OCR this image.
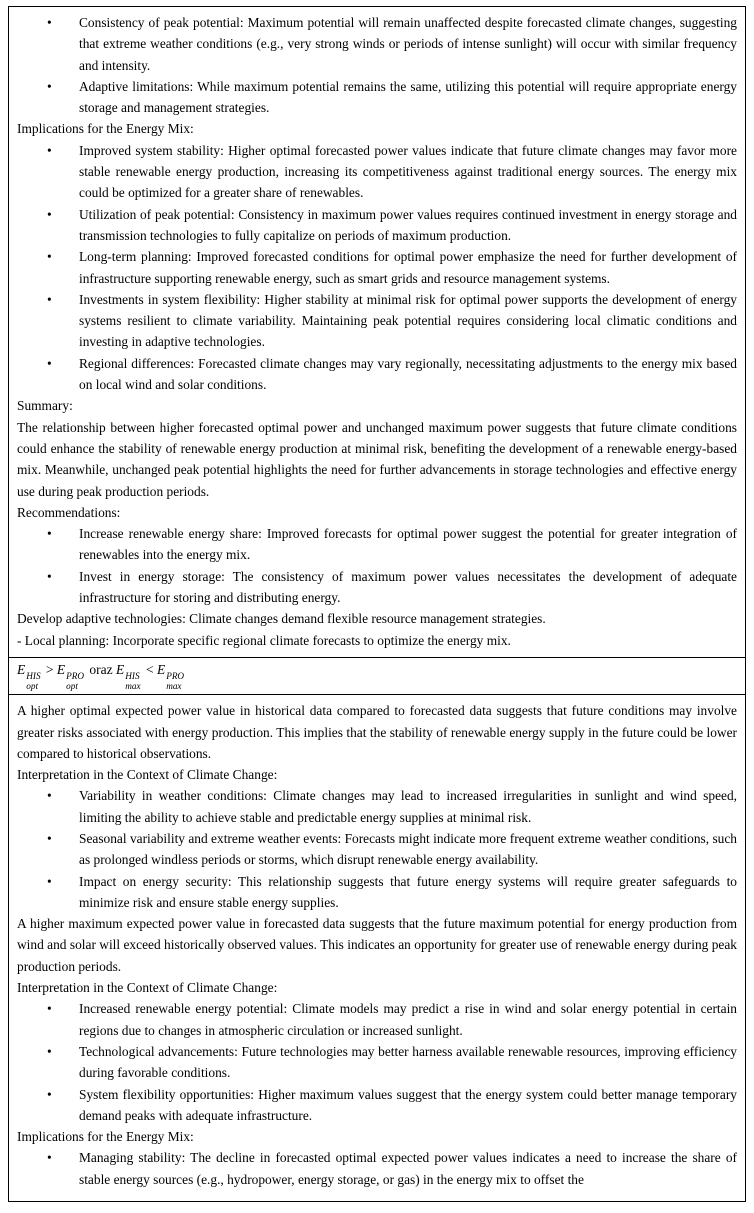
• Consistency of peak potential: Maximum potential will remain unaffected despite forecasted climate changes, suggesting that extreme weather conditions (e.g., very strong winds or periods of intense sunlight) will occur with similar frequency and intensity.
• Adaptive limitations: While maximum potential remains the same, utilizing this potential will require appropriate energy storage and management strategies.
Implications for the Energy Mix:
• Improved system stability: Higher optimal forecasted power values indicate that future climate changes may favor more stable renewable energy production, increasing its competitiveness against traditional energy sources. The energy mix could be optimized for a greater share of renewables.
• Utilization of peak potential: Consistency in maximum power values requires continued investment in energy storage and transmission technologies to fully capitalize on periods of maximum production.
• Long-term planning: Improved forecasted conditions for optimal power emphasize the need for further development of infrastructure supporting renewable energy, such as smart grids and resource management systems.
• Investments in system flexibility: Higher stability at minimal risk for optimal power supports the development of energy systems resilient to climate variability. Maintaining peak potential requires considering local climatic conditions and investing in adaptive technologies.
• Regional differences: Forecasted climate changes may vary regionally, necessitating adjustments to the energy mix based on local wind and solar conditions.
Summary:
The relationship between higher forecasted optimal power and unchanged maximum power suggests that future climate conditions could enhance the stability of renewable energy production at minimal risk, benefiting the development of a renewable energy-based mix. Meanwhile, unchanged peak potential highlights the need for further advancements in storage technologies and effective energy use during peak production periods.
Recommendations:
• Increase renewable energy share: Improved forecasts for optimal power suggest the potential for greater integration of renewables into the energy mix.
• Invest in energy storage: The consistency of maximum power values necessitates the development of adequate infrastructure for storing and distributing energy.
Develop adaptive technologies: Climate changes demand flexible resource management strategies.
- Local planning: Incorporate specific regional climate forecasts to optimize the energy mix.
E HIS
opt
> E PRO
opt
oraz E HIS
max
< E PRO
max
A higher optimal expected power value in historical data compared to forecasted data suggests that future conditions may involve greater risks associated with energy production. This implies that the stability of renewable energy supply in the future could be lower compared to historical observations.
Interpretation in the Context of Climate Change:
• Variability in weather conditions: Climate changes may lead to increased irregularities in sunlight and wind speed, limiting the ability to achieve stable and predictable energy supplies at minimal risk.
• Seasonal variability and extreme weather events: Forecasts might indicate more frequent extreme weather conditions, such as prolonged windless periods or storms, which disrupt renewable energy availability.
• Impact on energy security: This relationship suggests that future energy systems will require greater safeguards to minimize risk and ensure stable energy supplies.
A higher maximum expected power value in forecasted data suggests that the future maximum potential for energy production from wind and solar will exceed historically observed values. This indicates an opportunity for greater use of renewable energy during peak production periods.
Interpretation in the Context of Climate Change:
• Increased renewable energy potential: Climate models may predict a rise in wind and solar energy potential in certain regions due to changes in atmospheric circulation or increased sunlight.
• Technological advancements: Future technologies may better harness available renewable resources, improving efficiency during favorable conditions.
• System flexibility opportunities: Higher maximum values suggest that the energy system could better manage temporary demand peaks with adequate infrastructure.
Implications for the Energy Mix:
• Managing stability: The decline in forecasted optimal expected power values indicates a need to increase the share of stable energy sources (e.g., hydropower, energy storage, or gas) in the energy mix to offset the
